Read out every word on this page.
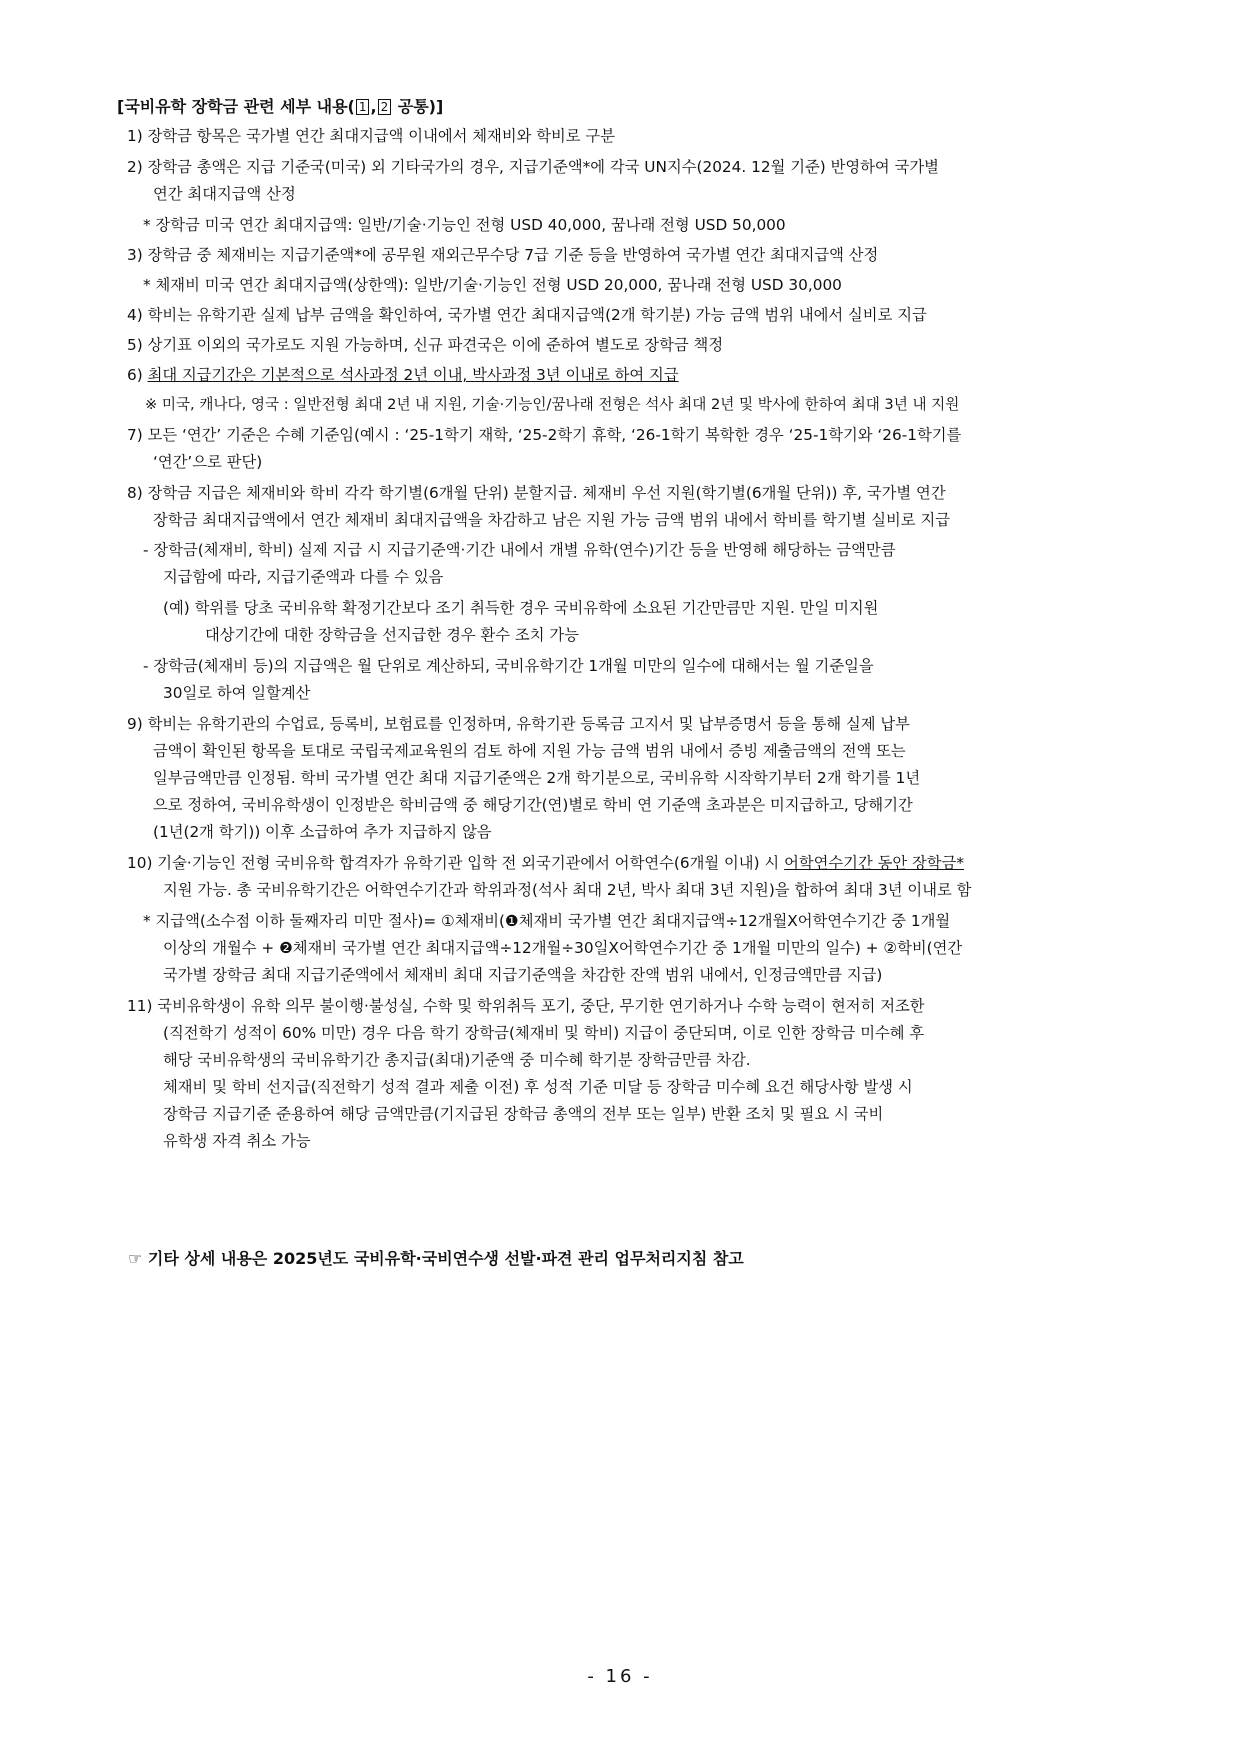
[국비유학 장학금 관련 세부 내용( 1 , 2 공통)]
1) 장학금 항목은 국가별 연간 최대지급액 이내에서 체재비와 학비로 구분
2) 장학금 총액은 지급 기준국(미국) 외 기타국가의 경우, 지급기준액*에 각국 UN지수(2024. 12월 기준) 반영하여 국가별
연간 최대지급액 산정
* 장학금 미국 연간 최대지급액: 일반/기술·기능인 전형 USD 40,000, 꿈나래 전형 USD 50,000
3) 장학금 중 체재비는 지급기준액*에 공무원 재외근무수당 7급 기준 등을 반영하여 국가별 연간 최대지급액 산정
* 체재비 미국 연간 최대지급액(상한액): 일반/기술·기능인 전형 USD 20,000, 꿈나래 전형 USD 30,000
4) 학비는 유학기관 실제 납부 금액을 확인하여, 국가별 연간 최대지급액(2개 학기분) 가능 금액 범위 내에서 실비로 지급
5) 상기표 이외의 국가로도 지원 가능하며, 신규 파견국은 이에 준하여 별도로 장학금 책정
6) 최대 지급기간은 기본적으로 석사과정 2년 이내, 박사과정 3년 이내로 하여 지급
※ 미국, 캐나다, 영국 : 일반전형 최대 2년 내 지원, 기술·기능인/꿈나래 전형은 석사 최대 2년 및 박사에 한하여 최대 3년 내 지원
7) 모든 ‘연간’ 기준은 수혜 기준임(예시 : ‘25-1학기 재학, ‘25-2학기 휴학, ‘26-1학기 복학한 경우 ‘25-1학기와 ‘26-1학기를
‘연간’으로 판단)
8) 장학금 지급은 체재비와 학비 각각 학기별(6개월 단위) 분할지급. 체재비 우선 지원(학기별(6개월 단위)) 후, 국가별 연간
장학금 최대지급액에서 연간 체재비 최대지급액을 차감하고 남은 지원 가능 금액 범위 내에서 학비를 학기별 실비로 지급
- 장학금(체재비, 학비) 실제 지급 시 지급기준액·기간 내에서 개별 유학(연수)기간 등을 반영해 해당하는 금액만큼
지급함에 따라, 지급기준액과 다를 수 있음
(예) 학위를 당초 국비유학 확정기간보다 조기 취득한 경우 국비유학에 소요된 기간만큼만 지원. 만일 미지원
대상기간에 대한 장학금을 선지급한 경우 환수 조치 가능
- 장학금(체재비 등)의 지급액은 월 단위로 계산하되, 국비유학기간 1개월 미만의 일수에 대해서는 월 기준일을
30일로 하여 일할계산
9) 학비는 유학기관의 수업료, 등록비, 보험료를 인정하며, 유학기관 등록금 고지서 및 납부증명서 등을 통해 실제 납부
금액이 확인된 항목을 토대로 국립국제교육원의 검토 하에 지원 가능 금액 범위 내에서 증빙 제출금액의 전액 또는
일부금액만큼 인정됨. 학비 국가별 연간 최대 지급기준액은 2개 학기분으로, 국비유학 시작학기부터 2개 학기를 1년
으로 정하여, 국비유학생이 인정받은 학비금액 중 해당기간(연)별로 학비 연 기준액 초과분은 미지급하고, 당해기간
(1년(2개 학기)) 이후 소급하여 추가 지급하지 않음
10) 기술·기능인 전형 국비유학 합격자가 유학기관 입학 전 외국기관에서 어학연수(6개월 이내) 시 어학연수기간 동안 장학금*
지원 가능. 총 국비유학기간은 어학연수기간과 학위과정(석사 최대 2년, 박사 최대 3년 지원)을 합하여 최대 3년 이내로 함
* 지급액(소수점 이하 둘째자리 미만 절사)= ①체재비(❶체재비 국가별 연간 최대지급액÷12개월X어학연수기간 중 1개월
이상의 개월수 + ❷체재비 국가별 연간 최대지급액÷12개월÷30일X어학연수기간 중 1개월 미만의 일수) + ②학비(연간
국가별 장학금 최대 지급기준액에서 체재비 최대 지급기준액을 차감한 잔액 범위 내에서, 인정금액만큼 지급)
11) 국비유학생이 유학 의무 불이행·불성실, 수학 및 학위취득 포기, 중단, 무기한 연기하거나 수학 능력이 현저히 저조한
(직전학기 성적이 60% 미만) 경우 다음 학기 장학금(체재비 및 학비) 지급이 중단되며, 이로 인한 장학금 미수혜 후
해당 국비유학생의 국비유학기간 총지급(최대)기준액 중 미수혜 학기분 장학금만큼 차감.
체재비 및 학비 선지급(직전학기 성적 결과 제출 이전) 후 성적 기준 미달 등 장학금 미수혜 요건 해당사항 발생 시
장학금 지급기준 준용하여 해당 금액만큼(기지급된 장학금 총액의 전부 또는 일부) 반환 조치 및 필요 시 국비
유학생 자격 취소 가능
☞ 기타 상세 내용은 2025년도 국비유학·국비연수생 선발·파견 관리 업무처리지침 참고
- 16 -
